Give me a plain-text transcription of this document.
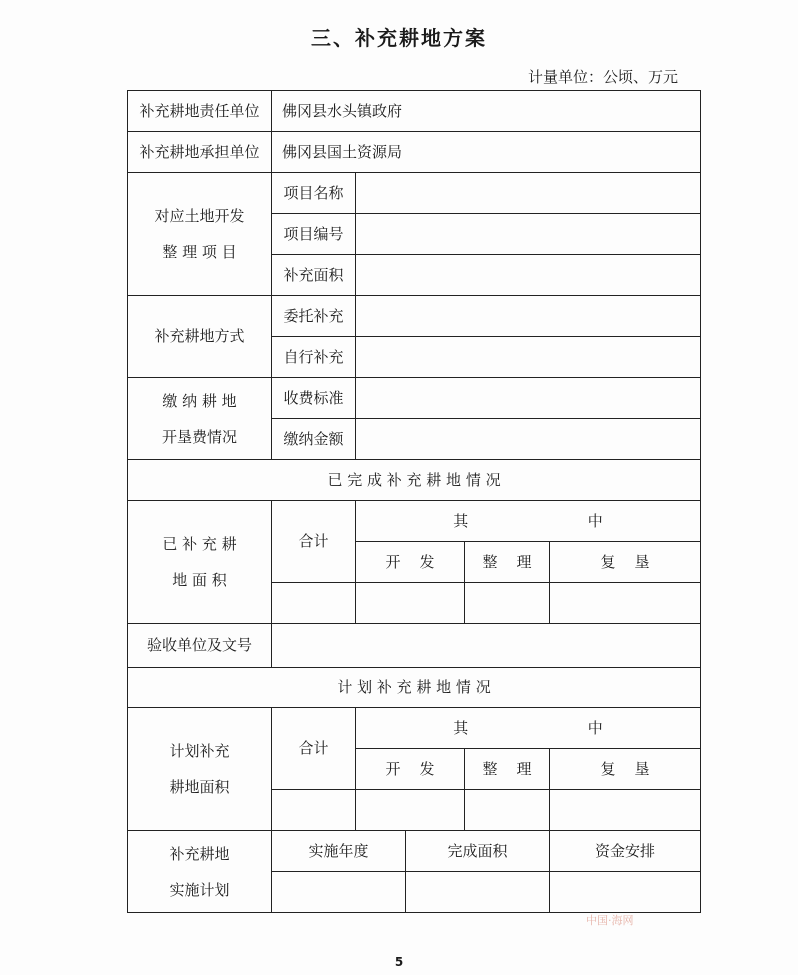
三、补充耕地方案
计量单位：公顷、万元
补充耕地责任单位	佛冈县水头镇政府				
补充耕地承担单位	佛冈县国土资源局				

对应土地开发
整 理 项 目	项目名称				
	项目编号				
	补充面积				
补充耕地方式	委托补充				
	自行补充				

缴 纳 耕 地
开垦费情况	收费标准				
	缴纳金额				
已 完 成 补 充 耕 地 情 况					

已 补 充 耕
地 面 积	合计	其 中			
		开    发		整    理	复    垦

验收单位及文号					
计 划 补 充 耕 地 情 况					

计划补充
耕地面积	合计	其 中			
		开    发		整    理	复    垦

补充耕地
实施计划	实施年度		完成面积		资金安排

中国·海网
5
